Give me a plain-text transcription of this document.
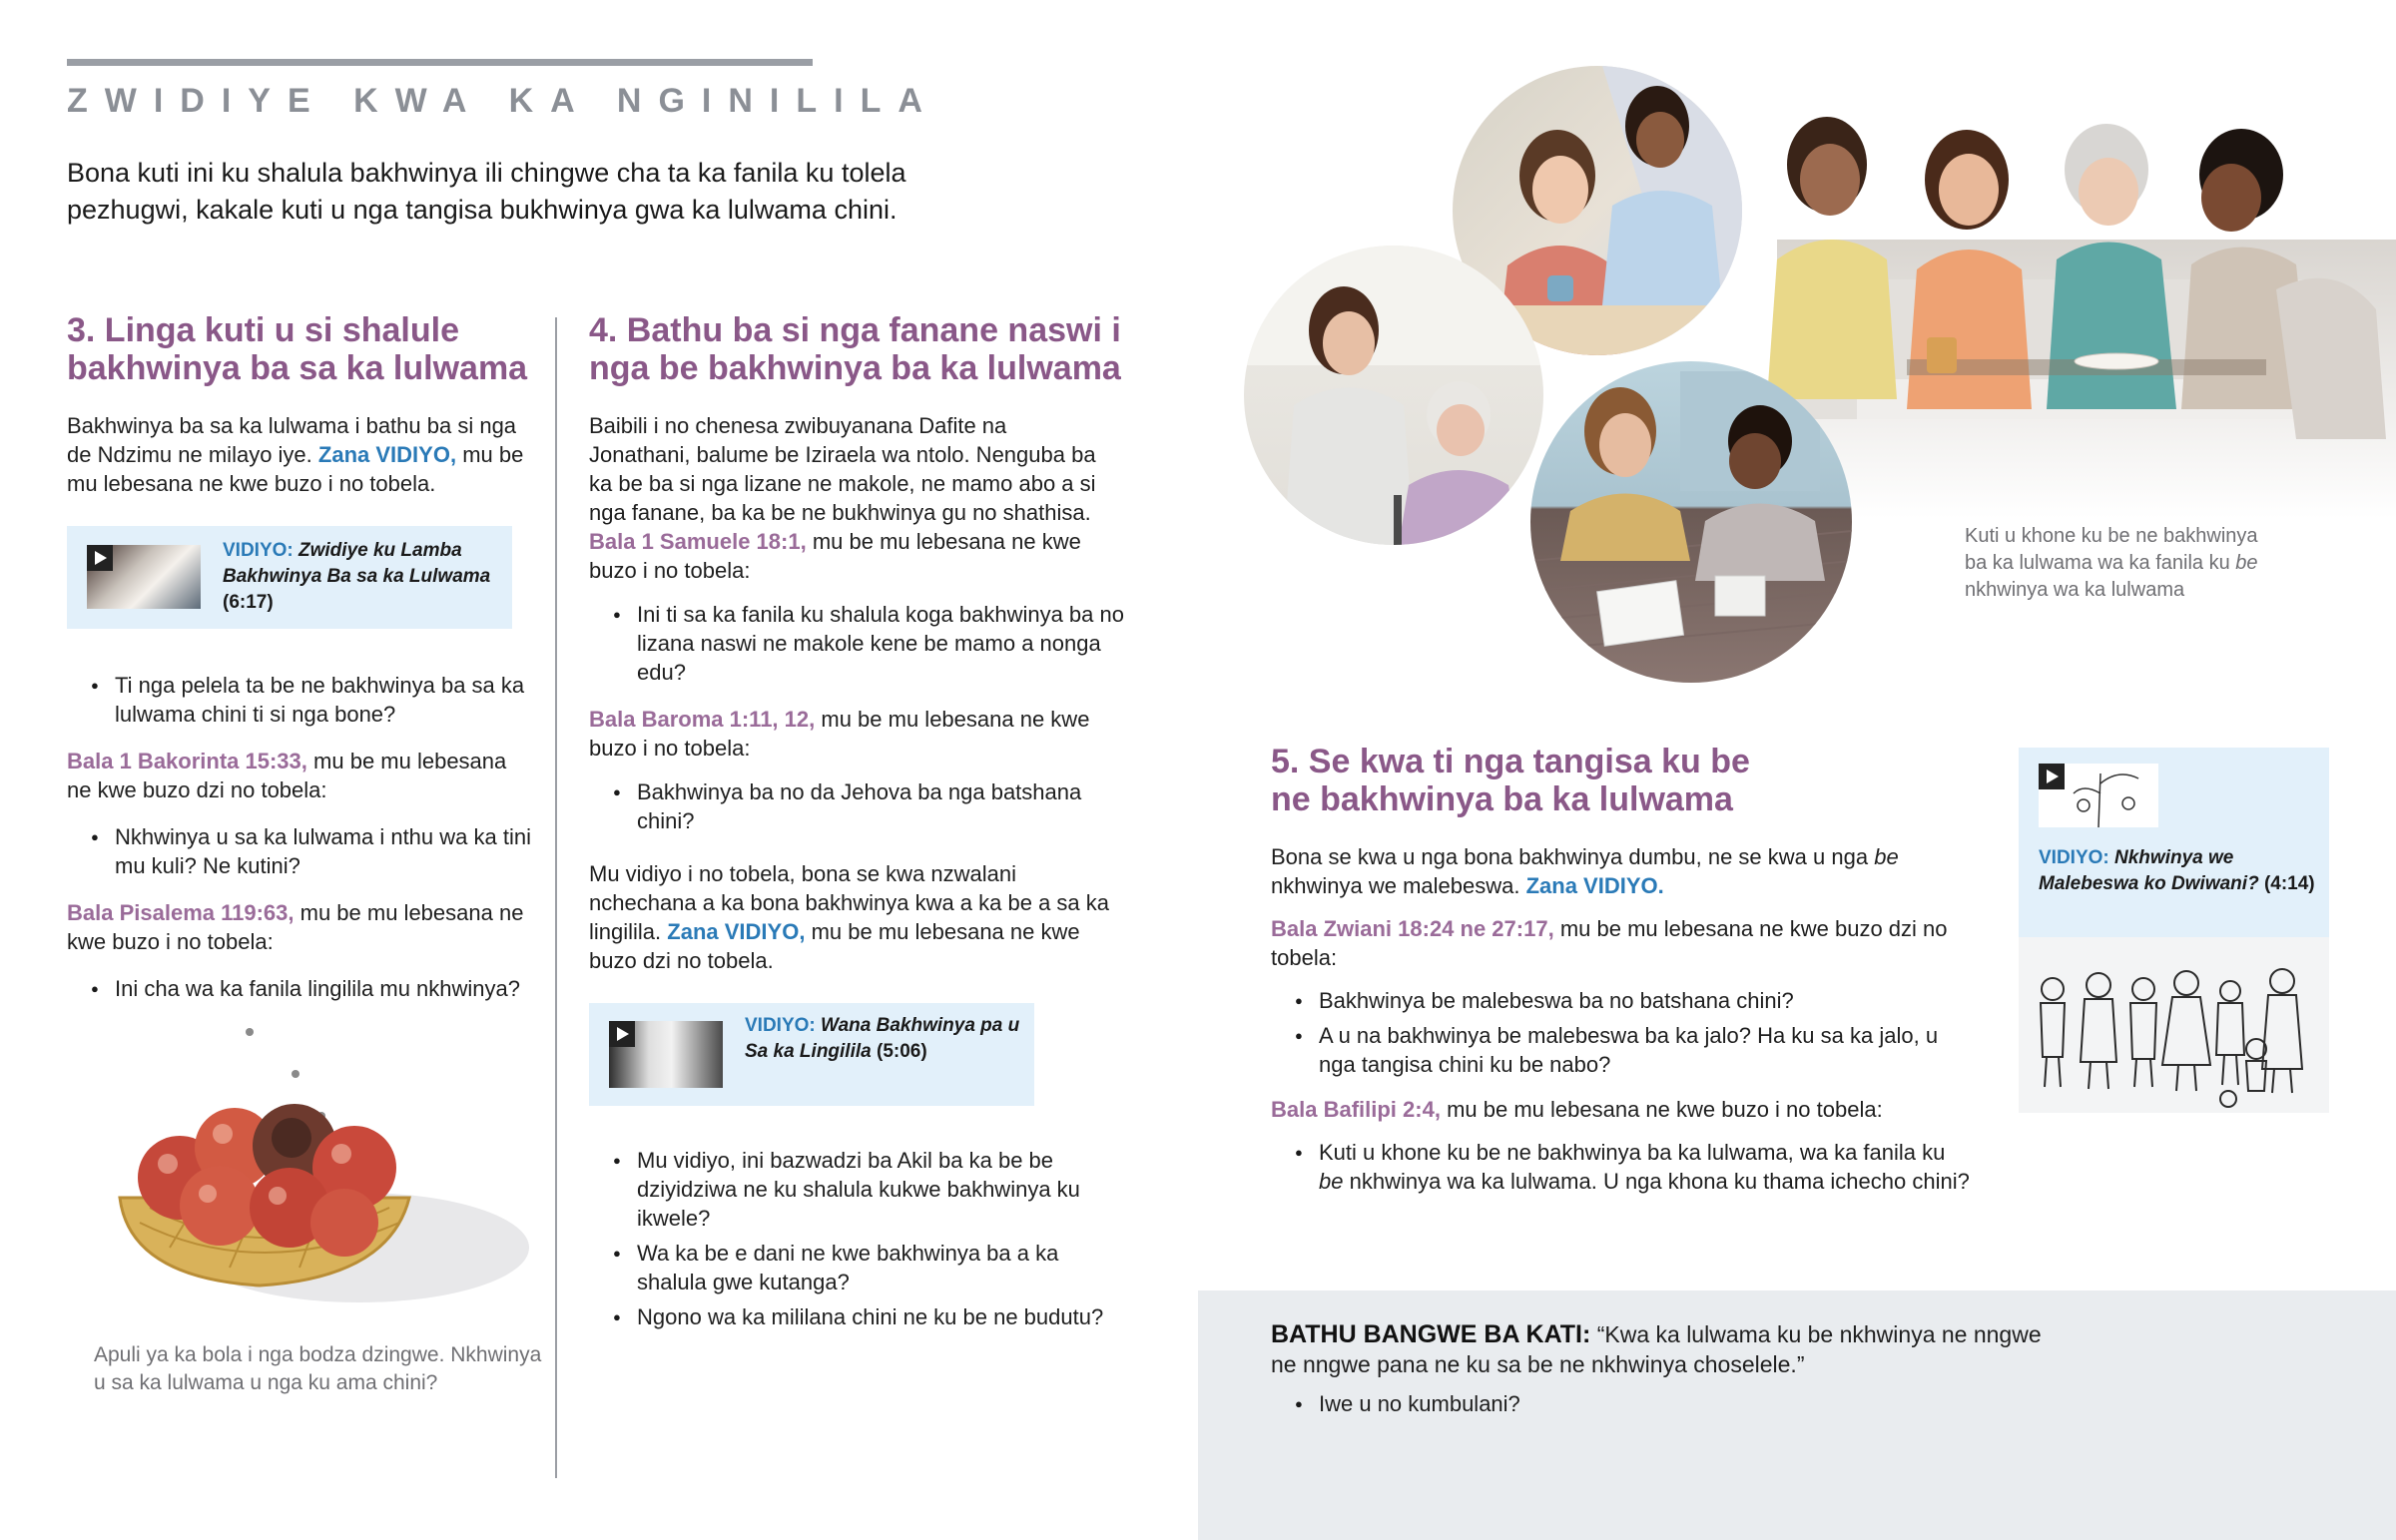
ZWIDIYE KWA KA NGINILILA
Bona kuti ini ku shalula bakhwinya ili chingwe cha ta ka fanila ku tolela pezhugwi, kakale kuti u nga tangisa bukhwinya gwa ka lulwama chini.
3. Linga kuti u si shalule
bakhwinya ba sa ka lulwama
Bakhwinya ba sa ka lulwama i bathu ba si nga de Ndzimu ne milayo iye. Zana VIDIYO, mu be mu lebesana ne kwe buzo i no tobela.
VIDIYO: Zwidiye ku Lamba Bakhwinya Ba sa ka Lulwama (6:17)
● Ti nga pelela ta be ne bakhwinya ba sa ka lulwama chini ti si nga bone?
Bala 1 Bakorinta 15:33, mu be mu lebesana ne kwe buzo dzi no tobela:
● Nkhwinya u sa ka lulwama i nthu wa ka tini mu kuli? Ne kutini?
Bala Pisalema 119:63, mu be mu lebesana ne kwe buzo i no tobela:
● Ini cha wa ka fanila lingilila mu nkhwinya?
Apuli ya ka bola i nga bodza dzingwe. Nkhwinya u sa ka lulwama u nga ku ama chini?
4. Bathu ba si nga fanane naswi i
nga be bakhwinya ba ka lulwama
Baibili i no chenesa zwibuyanana Dafite na Jonathani, balume be Iziraela wa ntolo. Nenguba ba ka be ba si nga lizane ne makole, ne mamo abo a si nga fanane, ba ka be ne bukhwinya gu no shathisa. Bala 1 Samuele 18:1, mu be mu lebesana ne kwe buzo i no tobela:
● Ini ti sa ka fanila ku shalula koga bakhwinya ba no lizana naswi ne makole kene be mamo a nonga edu?
Bala Baroma 1:11, 12, mu be mu lebesana ne kwe buzo i no tobela:
● Bakhwinya ba no da Jehova ba nga batshana chini?
Mu vidiyo i no tobela, bona se kwa nzwalani nchechana a ka bona bakhwinya kwa a ka be a sa ka lingilila. Zana VIDIYO, mu be mu lebesana ne kwe buzo dzi no tobela.
VIDIYO: Wana Bakhwinya pa u Sa ka Lingilila (5:06)
● Mu vidiyo, ini bazwadzi ba Akil ba ka be be dziyidziwa ne ku shalula kukwe bakhwinya ku ikwele?
● Wa ka be e dani ne kwe bakhwinya ba a ka shalula gwe kutanga?
● Ngono wa ka mililana chini ne ku be ne budutu?
Kuti u khone ku be ne bakhwinya
ba ka lulwama wa ka fanila ku be
nkhwinya wa ka lulwama
5. Se kwa ti nga tangisa ku be
ne bakhwinya ba ka lulwama
Bona se kwa u nga bona bakhwinya dumbu, ne se kwa u nga be nkhwinya we malebeswa. Zana VIDIYO.
Bala Zwiani 18:24 ne 27:17, mu be mu lebesana ne kwe buzo dzi no tobela:
● Bakhwinya be malebeswa ba no batshana chini?
● A u na bakhwinya be malebeswa ba ka jalo? Ha ku sa ka jalo, u nga tangisa chini ku be nabo?
Bala Bafilipi 2:4, mu be mu lebesana ne kwe buzo i no tobela:
● Kuti u khone ku be ne bakhwinya ba ka lulwama, wa ka fanila ku be nkhwinya wa ka lulwama. U nga khona ku thama ichecho chini?
VIDIYO: Nkhwinya we Malebeswa ko Dwiwani? (4:14)
BATHU BANGWE BA KATI: “Kwa ka lulwama ku be nkhwinya ne nngwe ne nngwe pana ne ku sa be ne nkhwinya choselele.”
● Iwe u no kumbulani?
